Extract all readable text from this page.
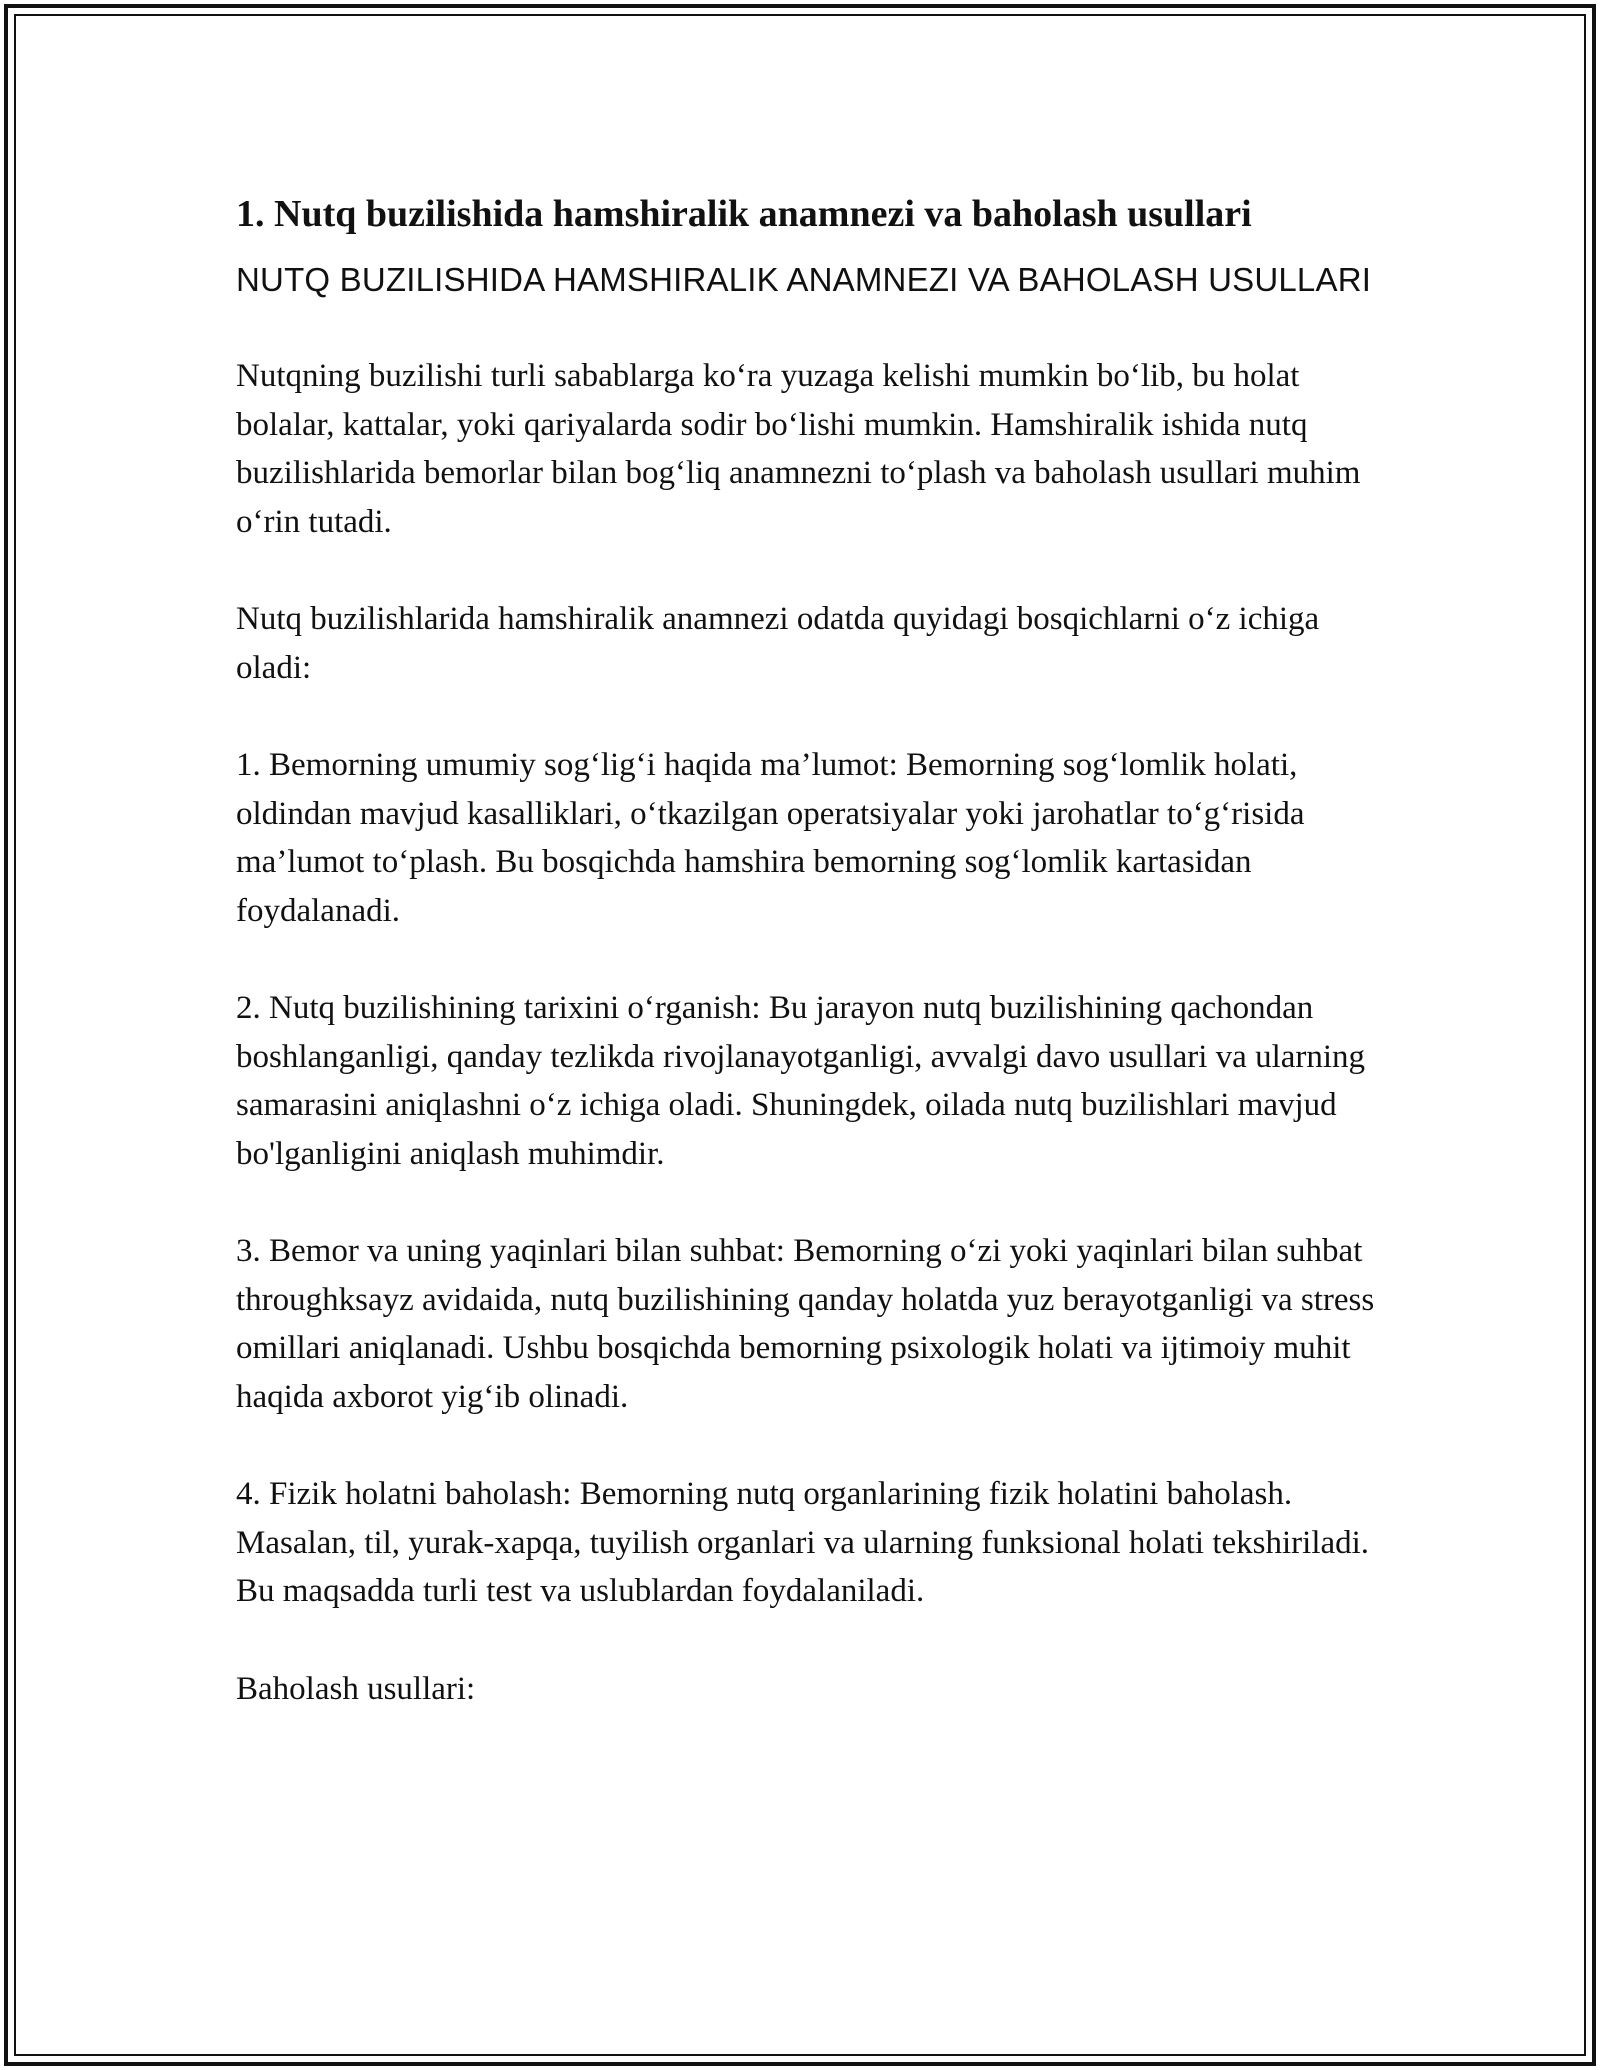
1. Nutq buzilishida hamshiralik anamnezi va baholash usullari
NUTQ BUZILISHIDA HAMSHIRALIK ANAMNEZI VA BAHOLASH USULLARI

Nutqning buzilishi turli sabablarga ko‘ra yuzaga kelishi mumkin bo‘lib, bu holat bolalar, kattalar, yoki qariyalarda sodir bo‘lishi mumkin. Hamshiralik ishida nutq buzilishlarida bemorlar bilan bog‘liq anamnezni to‘plash va baholash usullari muhim o‘rin tutadi.

Nutq buzilishlarida hamshiralik anamnezi odatda quyidagi bosqichlarni o‘z ichiga oladi:

1. Bemorning umumiy sog‘lig‘i haqida ma’lumot: Bemorning sog‘lomlik holati, oldindan mavjud kasalliklari, o‘tkazilgan operatsiyalar yoki jarohatlar to‘g‘risida ma’lumot to‘plash. Bu bosqichda hamshira bemorning sog‘lomlik kartasidan foydalanadi.

2. Nutq buzilishining tarixini o‘rganish: Bu jarayon nutq buzilishining qachondan boshlanganligi, qanday tezlikda rivojlanayotganligi, avvalgi davo usullari va ularning samarasini aniqlashni o‘z ichiga oladi. Shuningdek, oilada nutq buzilishlari mavjud bo'lganligini aniqlash muhimdir.

3. Bemor va uning yaqinlari bilan suhbat: Bemorning o‘zi yoki yaqinlari bilan suhbat throughksayz avidaida, nutq buzilishining qanday holatda yuz berayotganligi va stress omillari aniqlanadi. Ushbu bosqichda bemorning psixologik holati va ijtimoiy muhit haqida axborot yig‘ib olinadi.

4. Fizik holatni baholash: Bemorning nutq organlarining fizik holatini baholash. Masalan, til, yurak-xapqa, tuyilish organlari va ularning funksional holati tekshiriladi. Bu maqsadda turli test va uslublardan foydalaniladi.

Baholash usullari:
